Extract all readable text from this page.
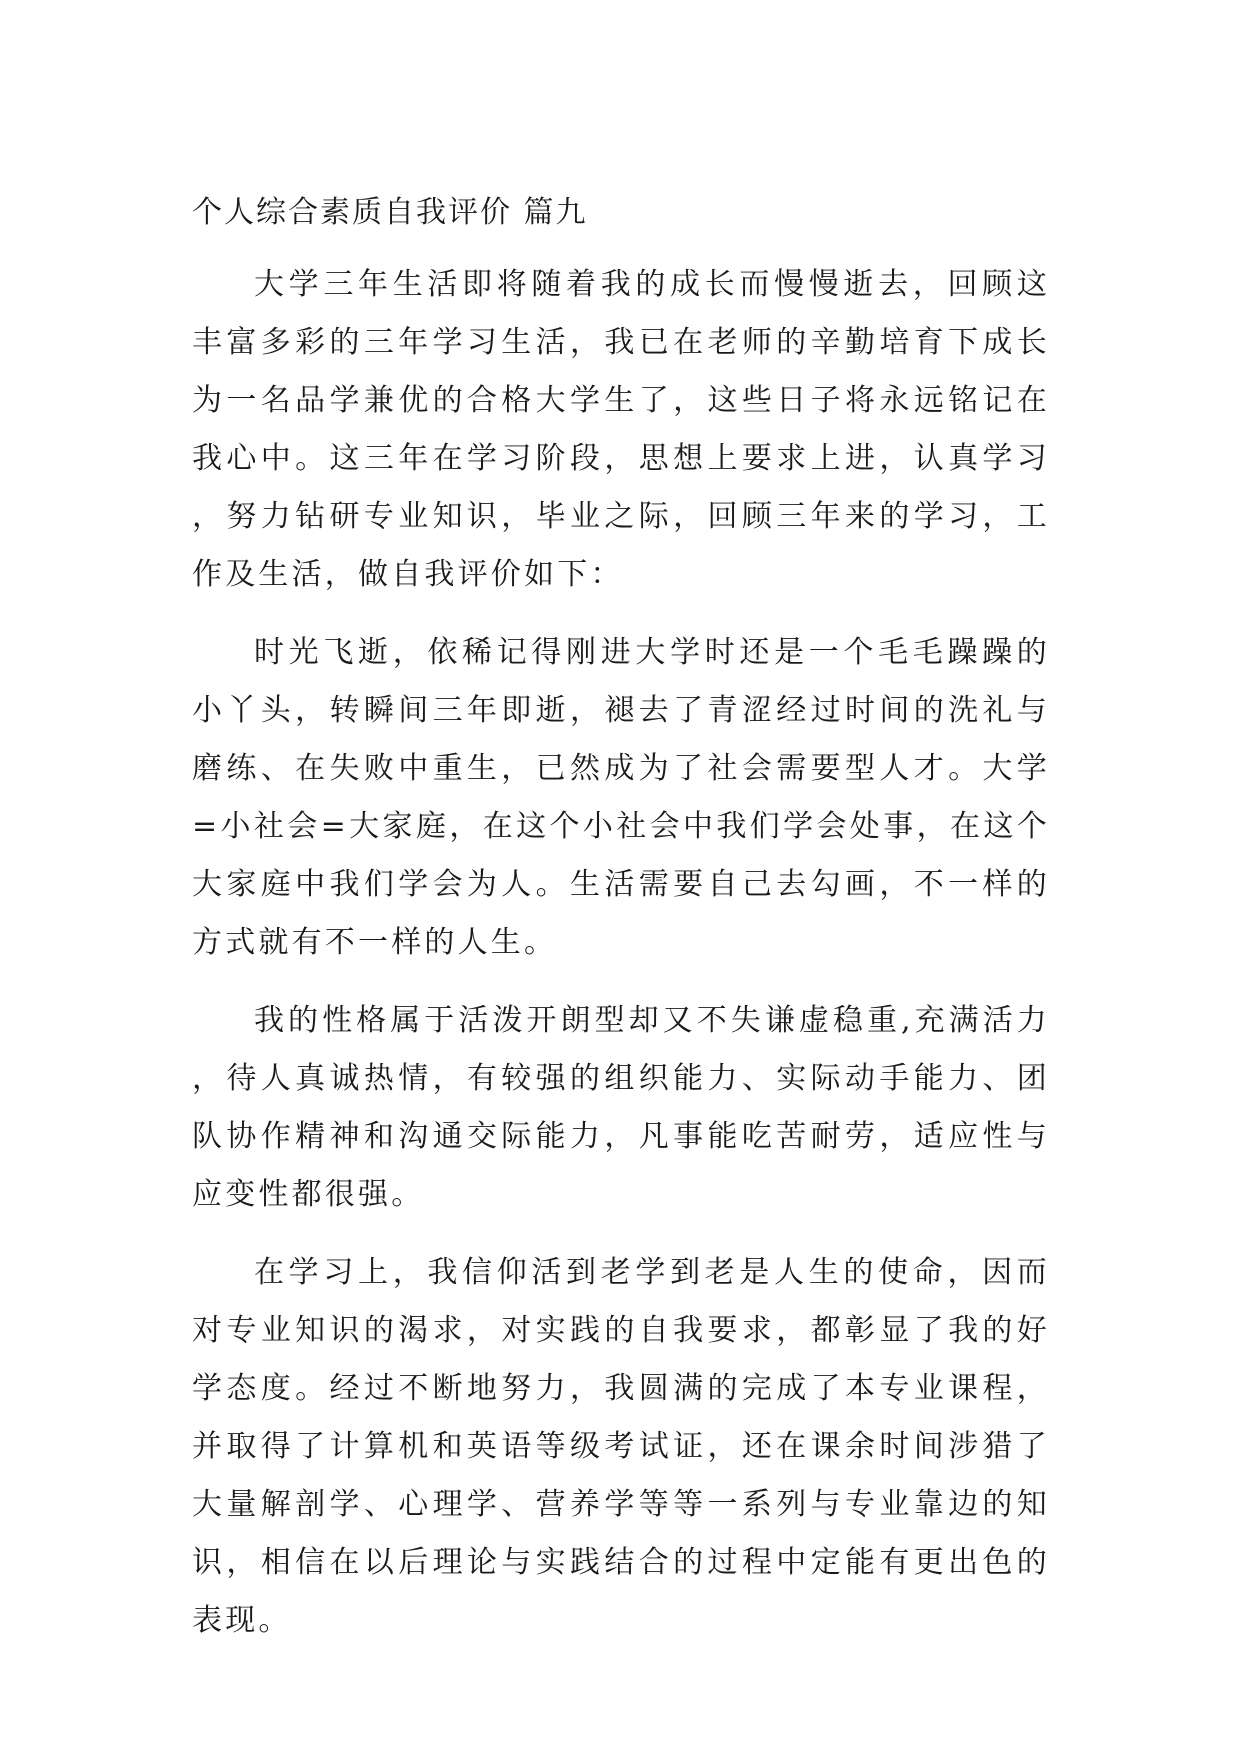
个人综合素质自我评价 篇九

大学三年生活即将随着我的成长而慢慢逝去，回顾这丰富多彩的三年学习生活，我已在老师的辛勤培育下成长为一名品学兼优的合格大学生了，这些日子将永远铭记在我心中。这三年在学习阶段，思想上要求上进，认真学习，努力钻研专业知识，毕业之际，回顾三年来的学习，工作及生活，做自我评价如下：

时光飞逝，依稀记得刚进大学时还是一个毛毛躁躁的小丫头，转瞬间三年即逝，褪去了青涩经过时间的洗礼与磨练、在失败中重生，已然成为了社会需要型人才。大学=小社会=大家庭，在这个小社会中我们学会处事，在这个大家庭中我们学会为人。生活需要自己去勾画，不一样的方式就有不一样的人生。

我的性格属于活泼开朗型却又不失谦虚稳重,充满活力，待人真诚热情，有较强的组织能力、实际动手能力、团队协作精神和沟通交际能力，凡事能吃苦耐劳，适应性与应变性都很强。

在学习上，我信仰活到老学到老是人生的使命，因而对专业知识的渴求，对实践的自我要求，都彰显了我的好学态度。经过不断地努力，我圆满的完成了本专业课程，并取得了计算机和英语等级考试证，还在课余时间涉猎了大量解剖学、心理学、营养学等等一系列与专业靠边的知识，相信在以后理论与实践结合的过程中定能有更出色的表现。
